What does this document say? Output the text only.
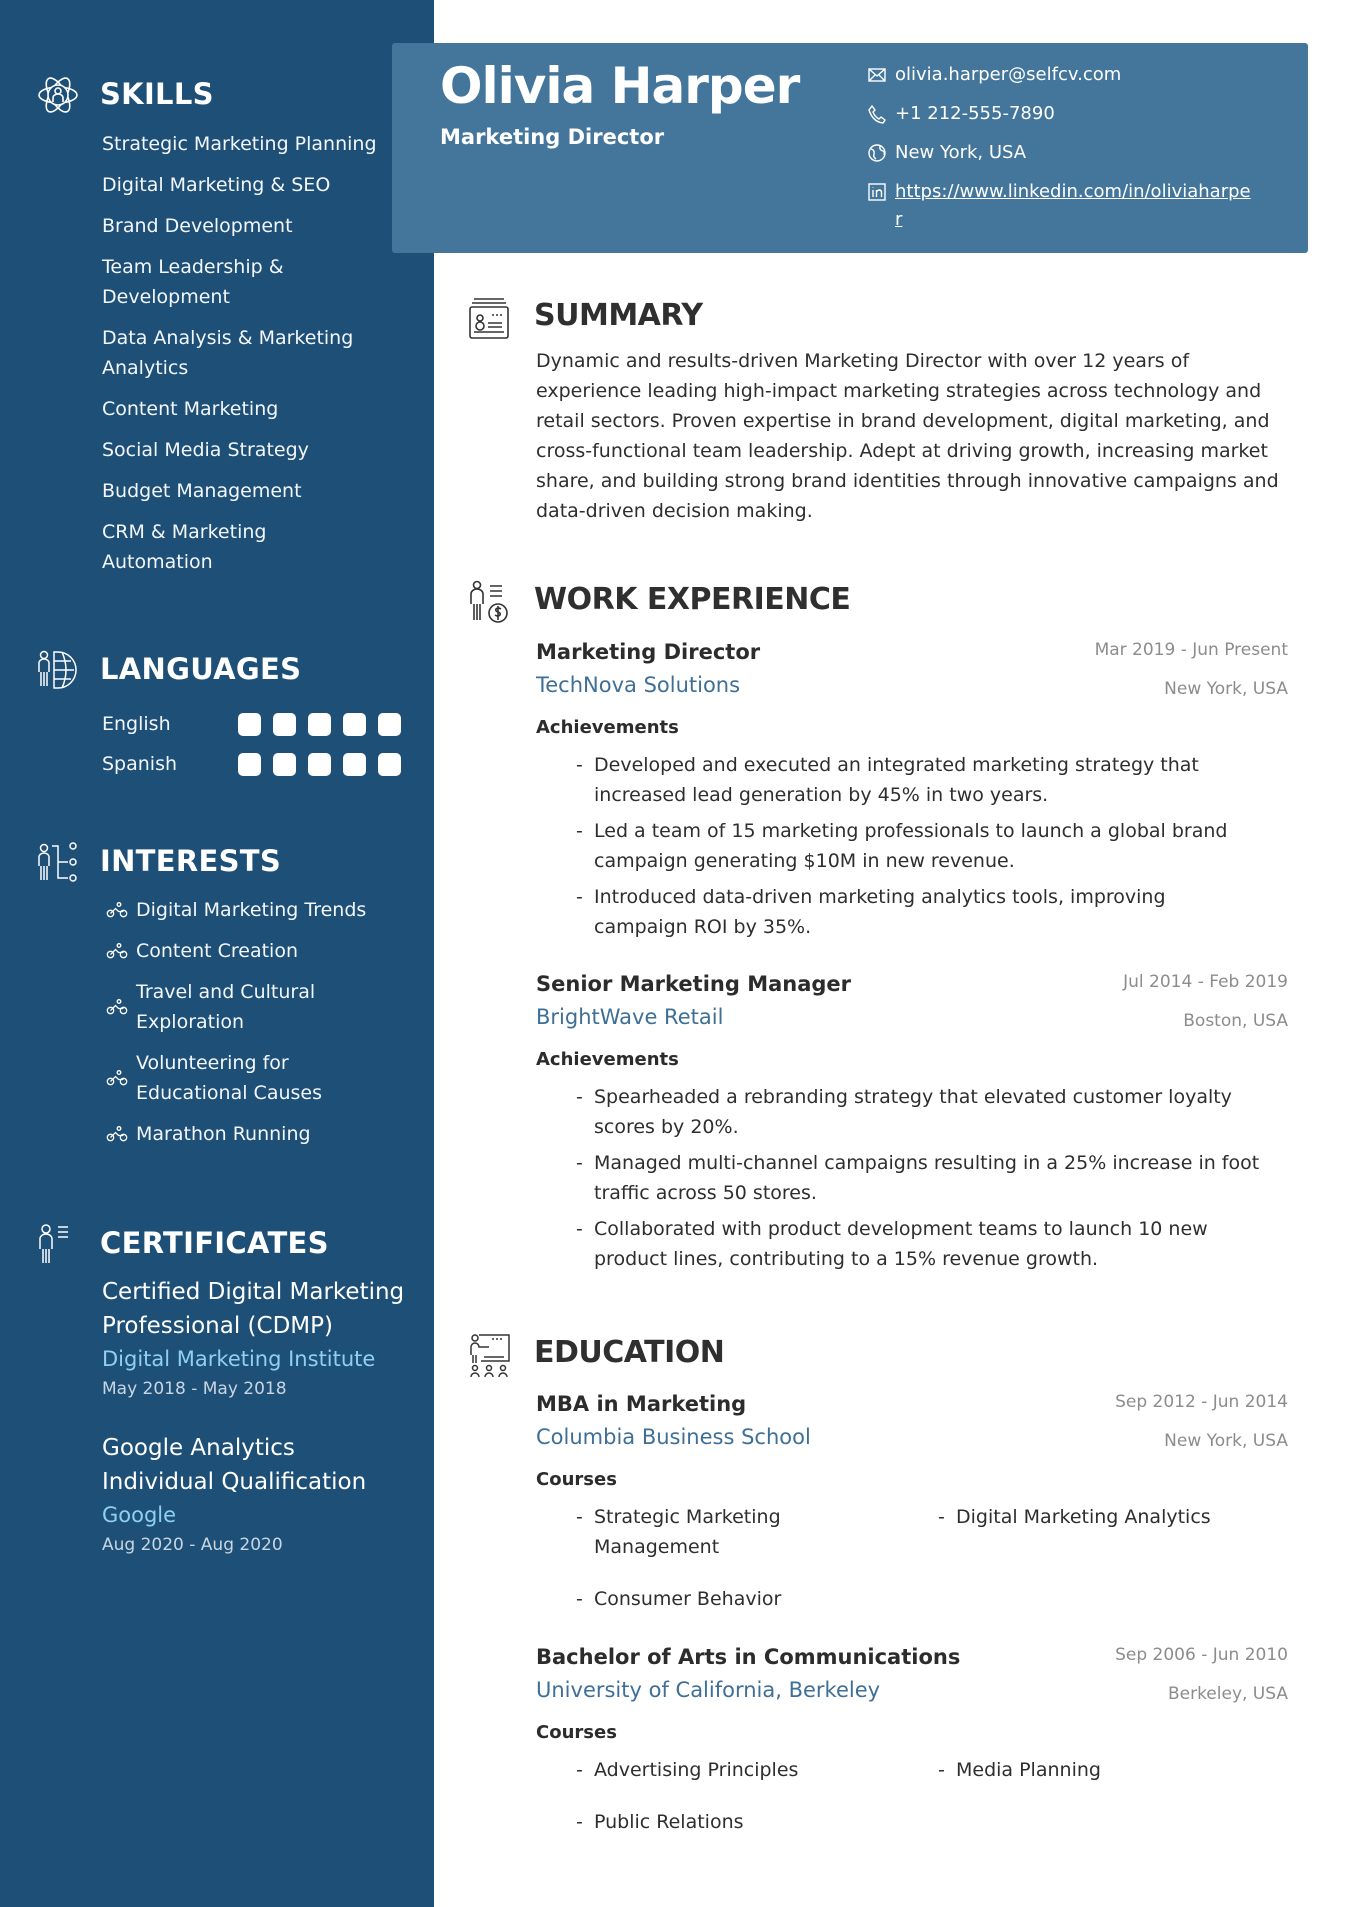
SKILLS
Strategic Marketing Planning
Digital Marketing & SEO
Brand Development
Team Leadership & Development
Data Analysis & Marketing Analytics
Content Marketing
Social Media Strategy
Budget Management
CRM & Marketing Automation
LANGUAGES
English
Spanish
INTERESTS
Digital Marketing Trends
Content Creation
Travel and Cultural Exploration
Volunteering for Educational Causes
Marathon Running
CERTIFICATES
Certified Digital Marketing Professional (CDMP)
Digital Marketing Institute
May 2018 - May 2018
Google Analytics Individual Qualification
Google
Aug 2020 - Aug 2020
Olivia Harper
Marketing Director
olivia.harper@selfcv.com
+1 212-555-7890
New York, USA
https://www.linkedin.com/in/oliviaharper
SUMMARY

Dynamic and results-driven Marketing Director with over 12 years of experience leading high-impact marketing strategies across technology and retail sectors. Proven expertise in brand development, digital marketing, and cross-functional team leadership. Adept at driving growth, increasing market share, and building strong brand identities through innovative campaigns and data-driven decision making.

WORK EXPERIENCE
Marketing Director
TechNova Solutions
Mar 2019 - Jun Present
New York, USA
Achievements
- Developed and executed an integrated marketing strategy that increased lead generation by 45% in two years.
- Led a team of 15 marketing professionals to launch a global brand campaign generating $10M in new revenue.
- Introduced data-driven marketing analytics tools, improving campaign ROI by 35%.
Senior Marketing Manager
BrightWave Retail
Jul 2014 - Feb 2019
Boston, USA
Achievements
- Spearheaded a rebranding strategy that elevated customer loyalty scores by 20%.
- Managed multi-channel campaigns resulting in a 25% increase in foot traffic across 50 stores.
- Collaborated with product development teams to launch 10 new product lines, contributing to a 15% revenue growth.
EDUCATION
MBA in Marketing
Columbia Business School
Sep 2012 - Jun 2014
New York, USA
Courses
- Strategic Marketing Management
- Digital Marketing Analytics
- Consumer Behavior
Bachelor of Arts in Communications
University of California, Berkeley
Sep 2006 - Jun 2010
Berkeley, USA
Courses
- Advertising Principles	- Media Planning
- Public Relations
